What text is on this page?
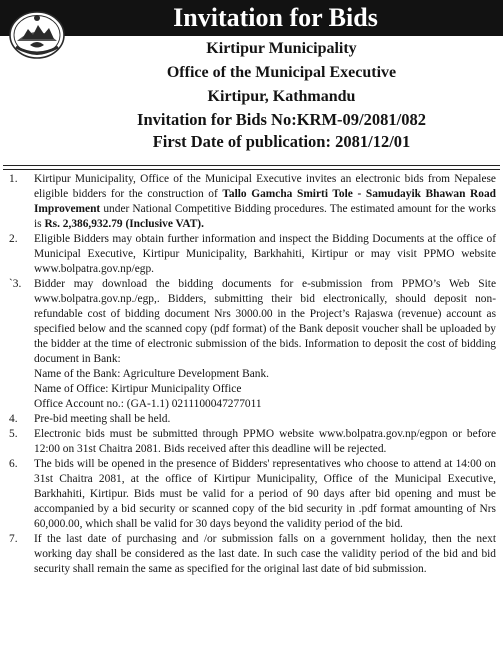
Invitation for Bids
Kirtipur Municipality
Office of the Municipal Executive
Kirtipur, Kathmandu
Invitation for Bids No:KRM-09/2081/082
First Date of publication: 2081/12/01
1. Kirtipur Municipality, Office of the Municipal Executive invites an electronic bids from Nepalese eligible bidders for the construction of Tallo Gamcha Smirti Tole - Samudayik Bhawan Road Improvement under National Competitive Bidding procedures. The estimated amount for the works is Rs. 2,386,932.79 (Inclusive VAT).
2. Eligible Bidders may obtain further information and inspect the Bidding Documents at the office of Municipal Executive, Kirtipur Municipality, Barkhahiti, Kirtipur or may visit PPMO website www.bolpatra.gov.np/egp.
`3. Bidder may download the bidding documents for e-submission from PPMO’s Web Site www.bolpatra.gov.np./egp,. Bidders, submitting their bid electronically, should deposit non-refundable cost of bidding document Nrs 3000.00 in the Project’s Rajaswa (revenue) account as specified below and the scanned copy (pdf format) of the Bank deposit voucher shall be uploaded by the bidder at the time of electronic submission of the bids. Information to deposit the cost of bidding document in Bank:
Name of the Bank: Agriculture Development Bank.
Name of Office: Kirtipur Municipality Office
Office Account no.: (GA-1.1) 0211100047277011
4. Pre-bid meeting shall be held.
5. Electronic bids must be submitted through PPMO website www.bolpatra.gov.np/egpon or before 12:00 on 31st Chaitra 2081. Bids received after this deadline will be rejected.
6. The bids will be opened in the presence of Bidders' representatives who choose to attend at 14:00 on 31st Chaitra 2081, at the office of Kirtipur Municipality, Office of the Municipal Executive, Barkhahiti, Kirtipur. Bids must be valid for a period of 90 days after bid opening and must be accompanied by a bid security or scanned copy of the bid security in .pdf format amounting of Nrs 60,000.00, which shall be valid for 30 days beyond the validity period of the bid.
7. If the last date of purchasing and /or submission falls on a government holiday, then the next working day shall be considered as the last date. In such case the validity period of the bid and bid security shall remain the same as specified for the original last date of bid submission.
